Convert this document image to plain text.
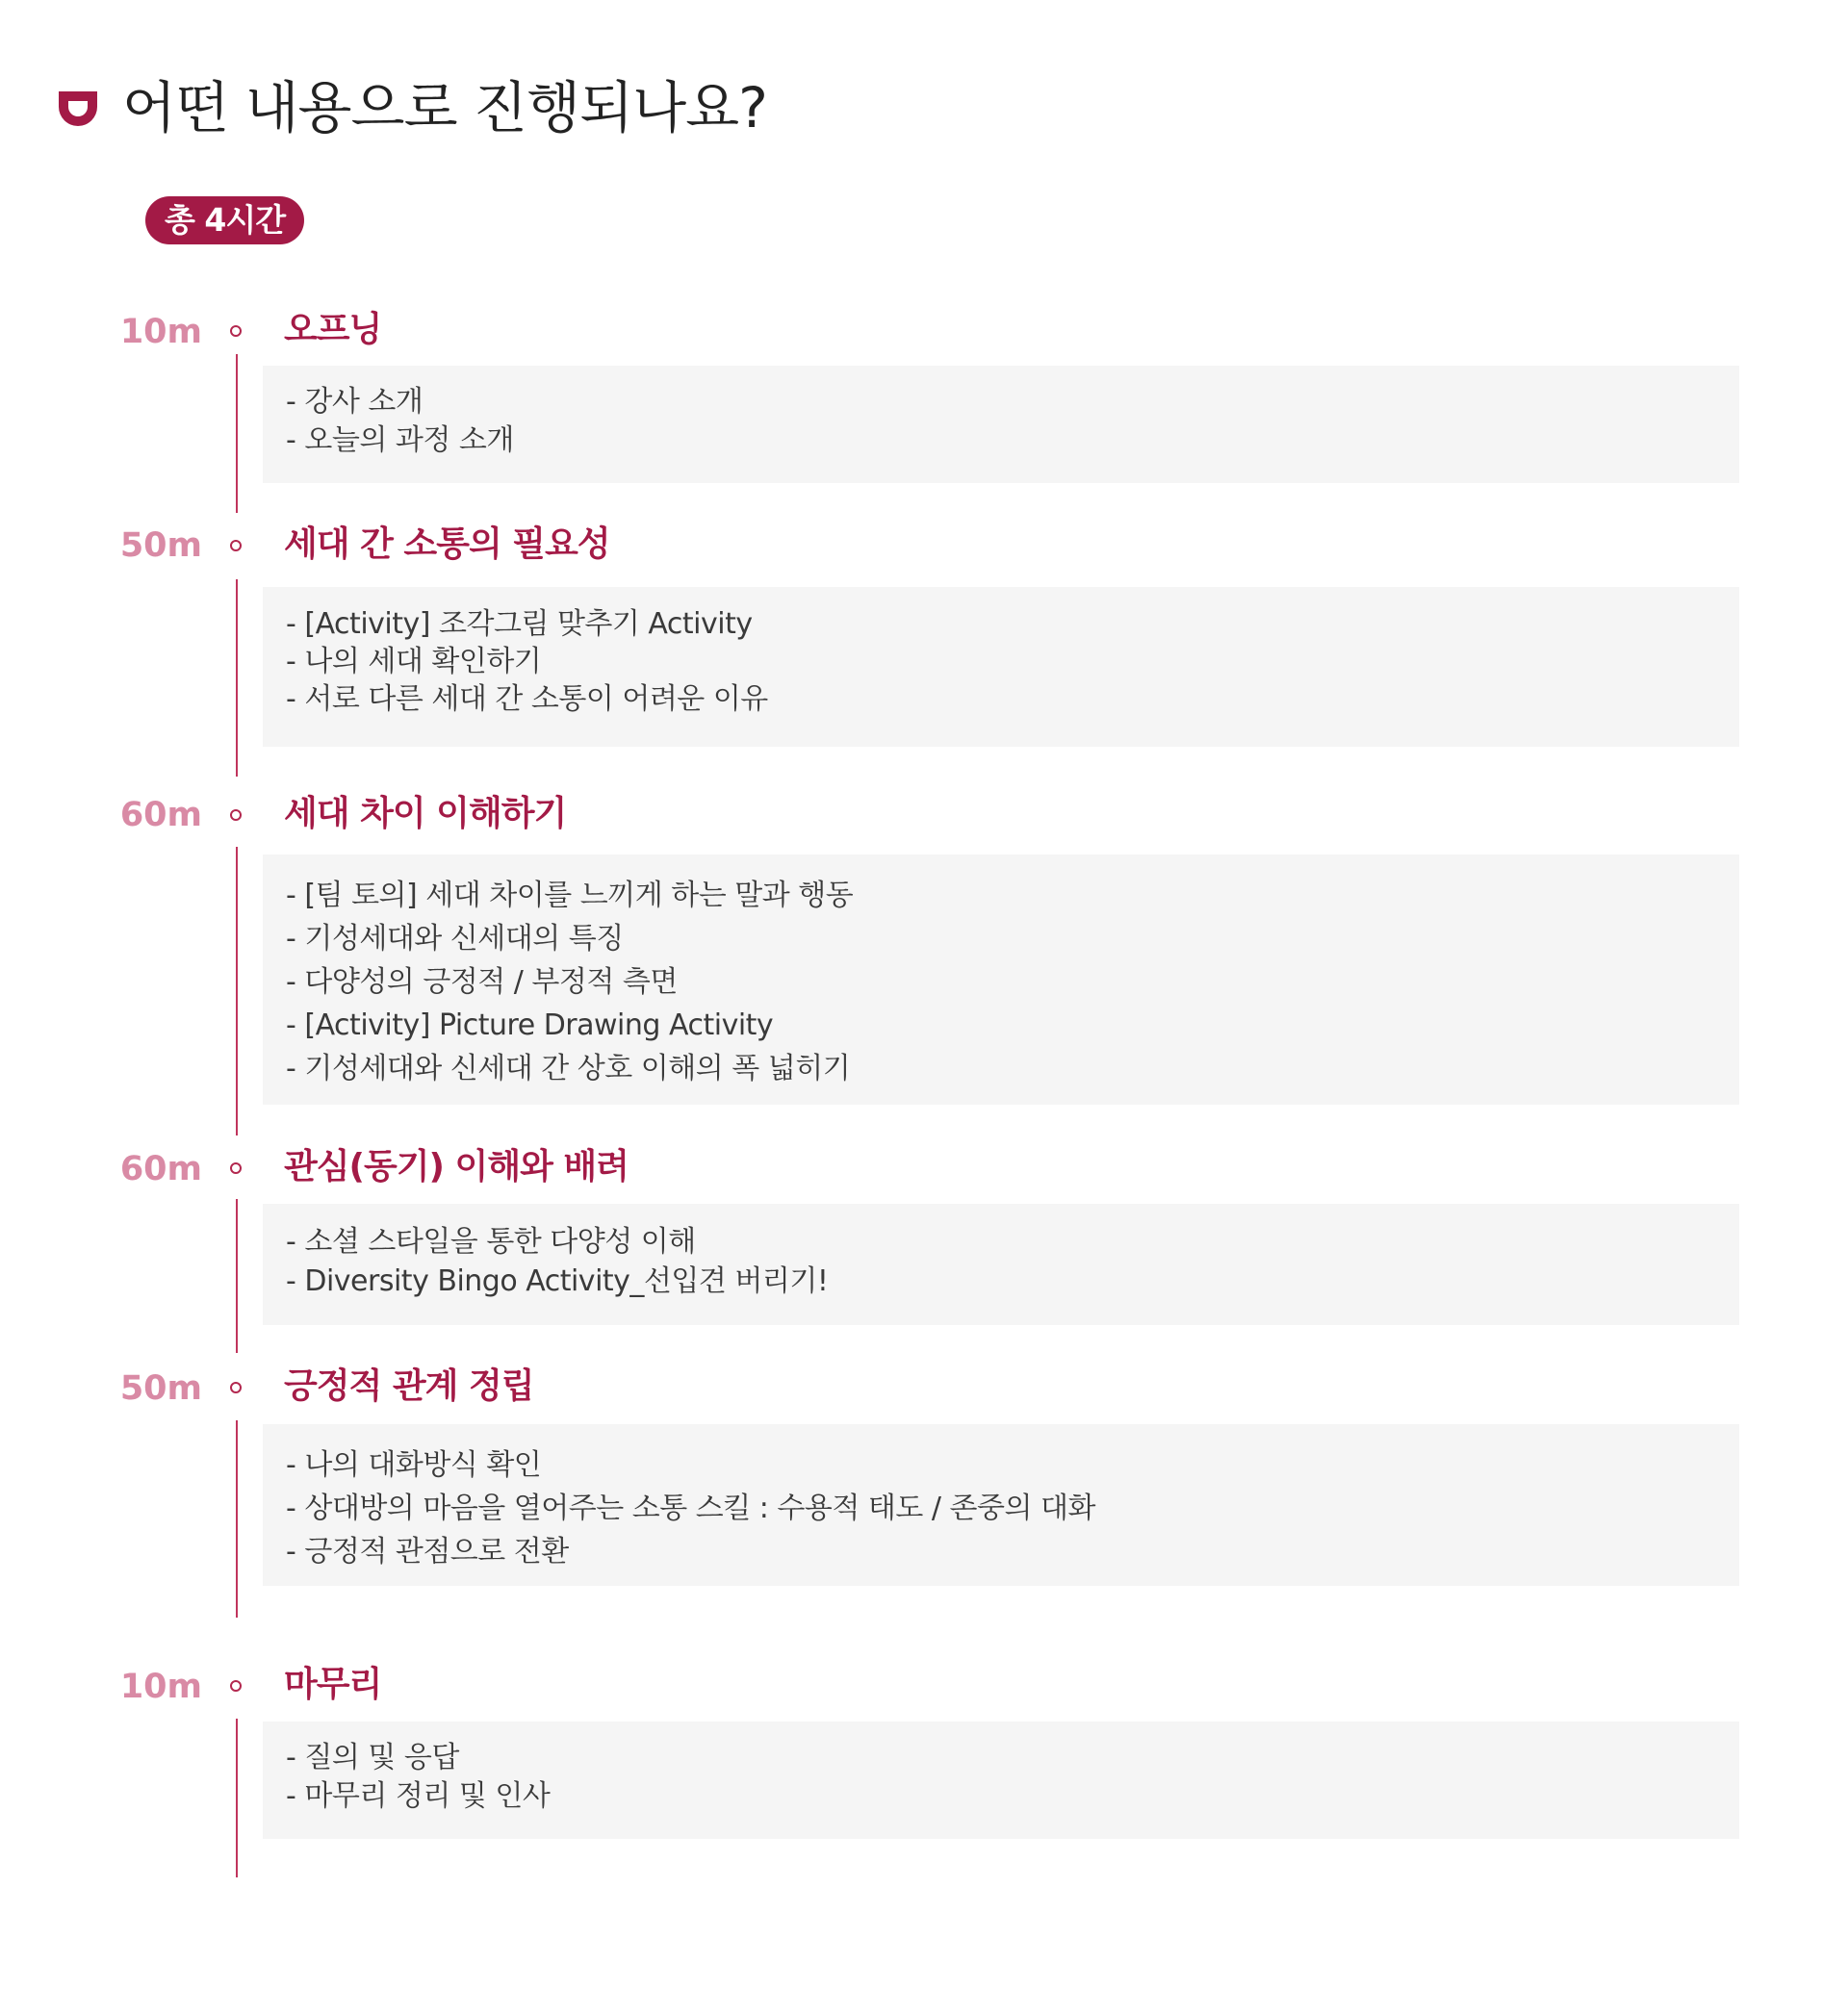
어떤 내용으로 진행되나요?
총 4시간
10m 오프닝
- 강사 소개
- 오늘의 과정 소개
50m 세대 간 소통의 필요성
- [Activity] 조각그림 맞추기 Activity
- 나의 세대 확인하기
- 서로 다른 세대 간 소통이 어려운 이유
60m 세대 차이 이해하기
- [팀 토의] 세대 차이를 느끼게 하는 말과 행동
- 기성세대와 신세대의 특징
- 다양성의 긍정적 / 부정적 측면
- [Activity] Picture Drawing Activity
- 기성세대와 신세대 간 상호 이해의 폭 넓히기
60m 관심(동기) 이해와 배려
- 소셜 스타일을 통한 다양성 이해
- Diversity Bingo Activity_선입견 버리기!
50m 긍정적 관계 정립
- 나의 대화방식 확인
- 상대방의 마음을 열어주는 소통 스킬 : 수용적 태도 / 존중의 대화
- 긍정적 관점으로 전환
10m 마무리
- 질의 및 응답
- 마무리 정리 및 인사
